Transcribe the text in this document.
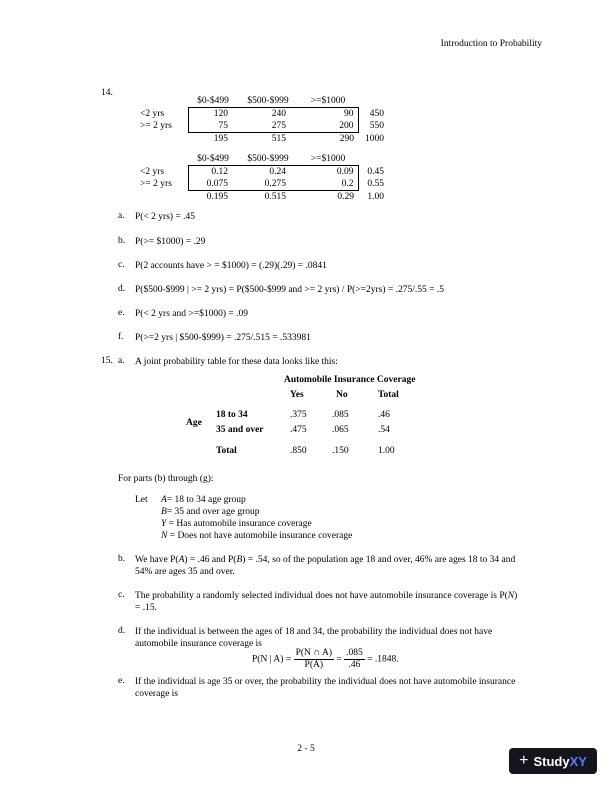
Introduction to Probability
14.
	$0-$499	$500-$999	>=$1000	
<2 yrs	120	240	90	450
>= 2 yrs	75	275	200	550
	195	515	290	1000
	$0-$499	$500-$999	>=$1000	
<2 yrs	0.12	0.24	0.09	0.45
>= 2 yrs	0.075	0.275	0.2	0.55
	0.195	0.515	0.29	1.00
a. P(< 2 yrs) = .45
b. P(>= $1000) = .29
c. P(2 accounts have > = $1000) = (.29)(.29) = .0841
d. P($500-$999 | >= 2 yrs) = P($500-$999 and >= 2 yrs) / P(>=2yrs) = .275/.55 = .5
e. P(< 2 yrs and >=$1000) = .09
f. P(>=2 yrs | $500-$999) = .275/.515 = .533981
15. a. A joint probability table for these data looks like this:
		Automobile Insurance Coverage		
		Yes	No	Total

Age	18 to 34	.375	.085	.46
	35 and over	.475	.065	.54

	Total	.850	.150	1.00
For parts (b) through (g):
Let A= 18 to 34 age group
B= 35 and over age group
Y = Has automobile insurance coverage
N = Does not have automobile insurance coverage
b. We have P(A) = .46 and P(B) = .54, so of the population age 18 and over, 46% are ages 18 to 34 and
54% are ages 35 and over.
c. The probability a randomly selected individual does not have automobile insurance coverage is P(N)
= .15.
d. If the individual is between the ages of 18 and 34, the probability the individual does not have
automobile insurance coverage is
P(N | $A) = \frac{P(N \cap A)}{P(A)} = \frac{.085}{.46} = .1848$.
e. If the individual is age 35 or over, the probability the individual does not have automobile insurance
coverage is
2 - 5
+ StudyXY
